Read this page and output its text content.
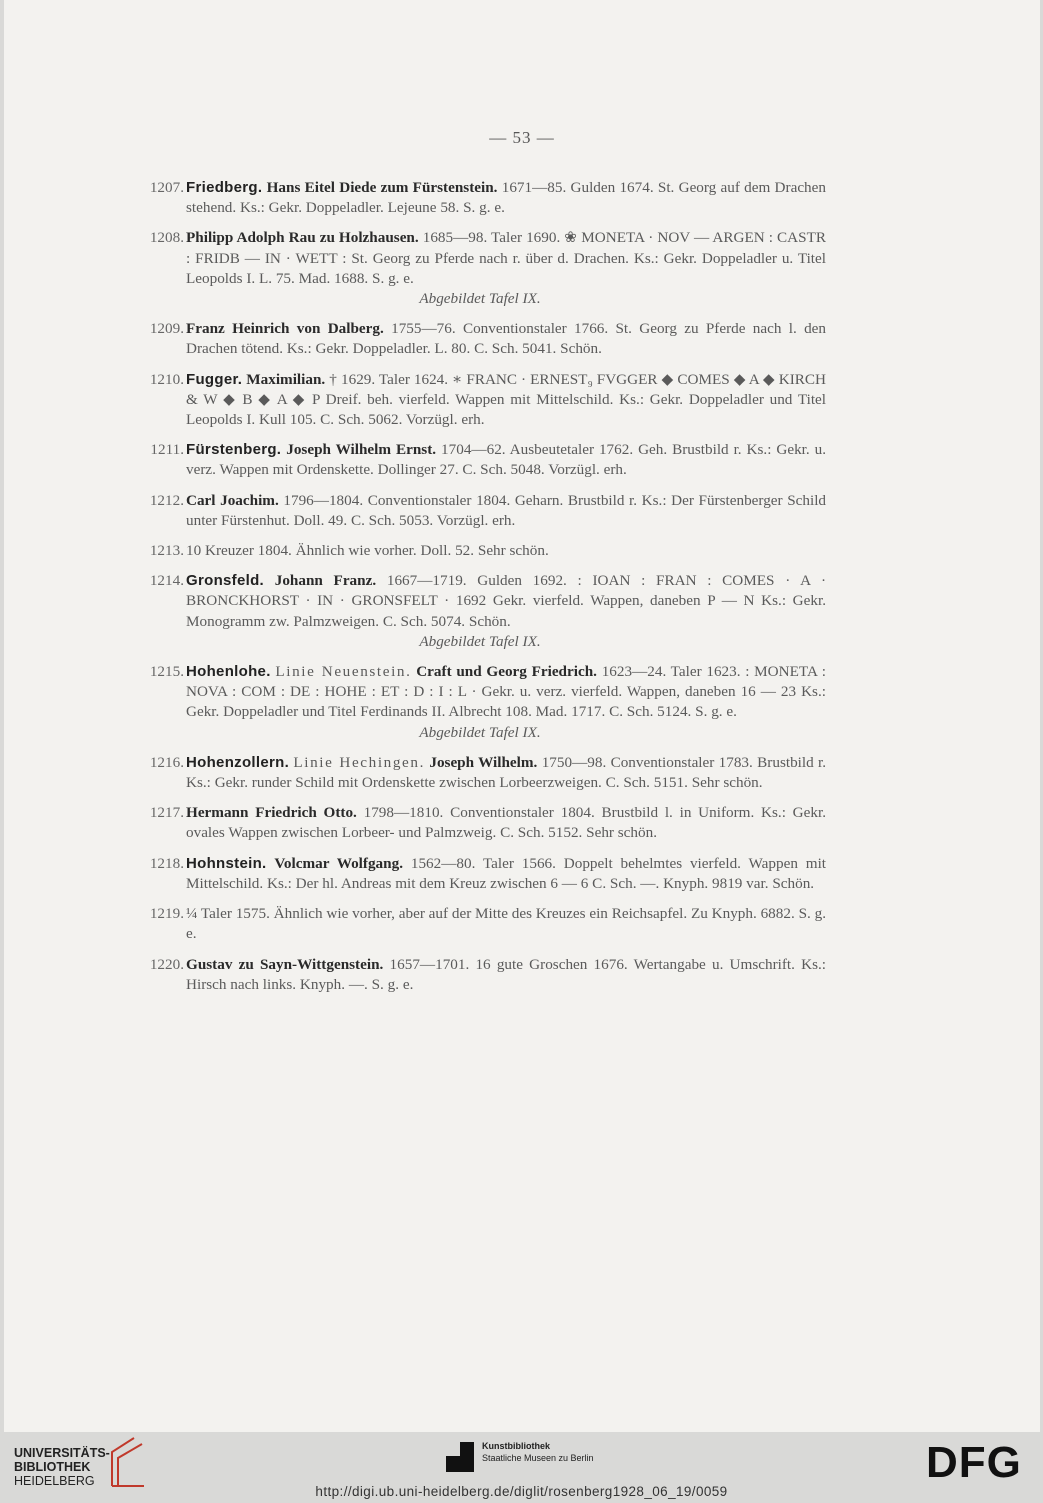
— 53 —
1207. Friedberg. Hans Eitel Diede zum Fürstenstein. 1671—85. Gulden 1674. St. Georg auf dem Drachen stehend. Ks.: Gekr. Doppeladler. Lejeune 58. S. g. e.
1208. Philipp Adolph Rau zu Holzhausen. 1685—98. Taler 1690. ❀ MONETA · NOV — ARGEN : CASTR : FRIDB — IN · WETT : St. Georg zu Pferde nach r. über d. Drachen. Ks.: Gekr. Doppeladler u. Titel Leopolds I. L. 75. Mad. 1688. S. g. e.
Abgebildet Tafel IX.
1209. Franz Heinrich von Dalberg. 1755—76. Conventionstaler 1766. St. Georg zu Pferde nach l. den Drachen tötend. Ks.: Gekr. Doppeladler. L. 80. C. Sch. 5041. Schön.
1210. Fugger. Maximilian. † 1629. Taler 1624. ∗ FRANC · ERNEST₉ FVGGER ◆ COMES ◆ A ◆ KIRCH & W ◆ B ◆ A ◆ P Dreif. beh. vierfeld. Wappen mit Mittelschild. Ks.: Gekr. Doppeladler und Titel Leopolds I. Kull 105. C. Sch. 5062. Vorzügl. erh.
1211. Fürstenberg. Joseph Wilhelm Ernst. 1704—62. Ausbeutetaler 1762. Geh. Brustbild r. Ks.: Gekr. u. verz. Wappen mit Ordenskette. Dollinger 27. C. Sch. 5048. Vorzügl. erh.
1212. Carl Joachim. 1796—1804. Conventionstaler 1804. Geharn. Brustbild r. Ks.: Der Fürstenberger Schild unter Fürstenhut. Doll. 49. C. Sch. 5053. Vorzügl. erh.
1213. 10 Kreuzer 1804. Ähnlich wie vorher. Doll. 52. Sehr schön.
1214. Gronsfeld. Johann Franz. 1667—1719. Gulden 1692. : IOAN : FRAN : COMES · A · BRONCKHORST · IN · GRONSFELT · 1692 Gekr. vierfeld. Wappen, daneben P — N Ks.: Gekr. Monogramm zw. Palmzweigen. C. Sch. 5074. Schön.
Abgebildet Tafel IX.
1215. Hohenlohe. Linie Neuenstein. Craft und Georg Friedrich. 1623—24. Taler 1623. : MONETA : NOVA : COM : DE : HOHE : ET : D : I : L · Gekr. u. verz. vierfeld. Wappen, daneben 16 — 23 Ks.: Gekr. Doppeladler und Titel Ferdinands II. Albrecht 108. Mad. 1717. C. Sch. 5124. S. g. e.
Abgebildet Tafel IX.
1216. Hohenzollern. Linie Hechingen. Joseph Wilhelm. 1750—98. Conventionstaler 1783. Brustbild r. Ks.: Gekr. runder Schild mit Ordenskette zwischen Lorbeerzweigen. C. Sch. 5151. Sehr schön.
1217. Hermann Friedrich Otto. 1798—1810. Conventionstaler 1804. Brustbild l. in Uniform. Ks.: Gekr. ovales Wappen zwischen Lorbeer- und Palmzweig. C. Sch. 5152. Sehr schön.
1218. Hohnstein. Volcmar Wolfgang. 1562—80. Taler 1566. Doppelt behelmtes vierfeld. Wappen mit Mittelschild. Ks.: Der hl. Andreas mit dem Kreuz zwischen 6 — 6 C. Sch. —. Knyph. 9819 var. Schön.
1219. ¼ Taler 1575. Ähnlich wie vorher, aber auf der Mitte des Kreuzes ein Reichsapfel. Zu Knyph. 6882. S. g. e.
1220. Gustav zu Sayn-Wittgenstein. 1657—1701. 16 gute Groschen 1676. Wertangabe u. Umschrift. Ks.: Hirsch nach links. Knyph. —. S. g. e.
UNIVERSITÄTS-
BIBLIOTHEK
HEIDELBERG
Kunstbibliothek
Staatliche Museen zu Berlin	DFG
http://digi.ub.uni-heidelberg.de/diglit/rosenberg1928_06_19/0059
